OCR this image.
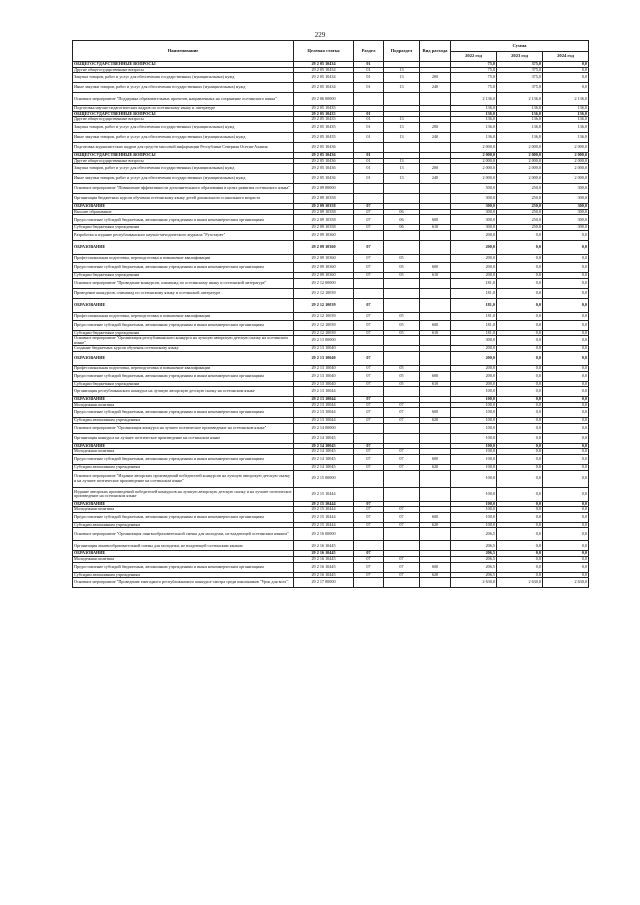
229
Наименование	Целевая статья	Раздел	Подраздел	Вид расхода	Сумма		
					2022 год	2023 год	2024 год
ОБЩЕГОСУДАРСТВЕННЫЕ ВОПРОСЫ	29 2 05 10434	01			75,0	375,0	0,0
Другие общегосударственные вопросы	29 2 05 10434	01	13		75,0	375,0	0,0
Закупка товаров, работ и услуг для обеспечения государственных (муниципальных) нужд	29 2 05 10434	01	13	200	75,0	375,0	0,0
Иные закупки товаров, работ и услуг для обеспечения государственных (муниципальных) нужд	29 2 05 10434	01	13	240	75,0	375,0	0,0
Основное мероприятие "Поддержка образовательных проектов, направленных на сохранение осетинского языка"	29 2 06 00000				2 136,0	2 136,0	2 136,0
Подготовка научно-педагогических кадров по осетинскому языку и литературе	29 2 05 10435				136,0	136,0	136,0
ОБЩЕГОСУДАРСТВЕННЫЕ ВОПРОСЫ	29 2 05 10435	01			136,0	136,0	136,0
Другие общегосударственные вопросы	29 2 05 10435	01	13		136,0	136,0	136,0
Закупка товаров, работ и услуг для обеспечения государственных (муниципальных) нужд	29 2 05 10435	01	13	200	136,0	136,0	136,0
Иные закупки товаров, работ и услуг для обеспечения государственных (муниципальных) нужд	29 2 05 10435	01	13	240	136,0	136,0	136,0
Подготовка журналистских кадров для средств массовой информации Республики Северная Осетия-Алания	29 2 05 10436				2 000,0	2 000,0	2 000,0
ОБЩЕГОСУДАРСТВЕННЫЕ ВОПРОСЫ	29 2 05 10436	01			2 000,0	2 000,0	2 000,0
Другие общегосударственные вопросы	29 2 05 10436	01	13		2 000,0	2 000,0	2 000,0
Закупка товаров, работ и услуг для обеспечения государственных (муниципальных) нужд	29 2 05 10436	01	13	200	2 000,0	2 000,0	2 000,0
Иные закупки товаров, работ и услуг для обеспечения государственных (муниципальных) нужд	29 2 05 10436	01	13	240	2 000,0	2 000,0	2 000,0
Основное мероприятие "Повышение эффективности дополнительного образования в целях развития осетинского языка"	29 2 09 00000				500,0	250,0	300,0
Организация бюджетных курсов обучения осетинскому языку детей дошкольного и школьного возраста	29 2 09 10358				300,0	250,0	300,0
ОБРАЗОВАНИЕ	29 2 09 10358	07			300,0	250,0	300,0
Высшее образование	29 2 09 10358	07	06		300,0	250,0	300,0
Предоставление субсидий бюджетным, автономным учреждениям и иным некоммерческим организациям	29 2 09 10358	07	06	600	300,0	250,0	300,0
Субсидии бюджетным учреждениям	29 2 09 10358	07	06	610	300,0	250,0	300,0
Разработка и издание республиканского научно-методического журнала "Рухстауæг"	29 2 09 10360				200,0	0,0	0,0
ОБРАЗОВАНИЕ	29 2 09 10360	07			200,0	0,0	0,0
Профессиональная подготовка, переподготовка и повышение квалификации	29 2 09 10360	07	05		200,0	0,0	0,0
Предоставление субсидий бюджетным, автономным учреждениям и иным некоммерческим организациям	29 2 09 10360	07	05	600	200,0	0,0	0,0
Субсидии бюджетным учреждениям	29 2 09 10360	07	05	610	200,0	0,0	0,0
Основное мероприятие "Проведение конкурсов, олимпиад по осетинскому языку и осетинской литературе"	29 2 12 00000				181,0	0,0	0,0
Проведение конкурсов, олимпиад по осетинскому языку и осетинской литературе	29 2 12 10039				181,0	0,0	0,0
ОБРАЗОВАНИЕ	29 2 12 10039	07			181,0	0,0	0,0
Профессиональная подготовка, переподготовка и повышение квалификации	29 2 12 10039	07	05		181,0	0,0	0,0
Предоставление субсидий бюджетным, автономным учреждениям и иным некоммерческим организациям	29 2 12 10039	07	05	600	181,0	0,0	0,0
Субсидии бюджетным учреждениям	29 2 12 10039	07	05	610	181,0	0,0	0,0
Основное мероприятие "Организация республиканского конкурса на лучшую авторскую детскую сказку на осетинском языке"	29 2 13 00000				300,0	0,0	0,0
Создание бюджетных курсов обучения осетинскому языку	29 2 13 10040				200,0	0,0	0,0
ОБРАЗОВАНИЕ	29 2 13 10040	07			200,0	0,0	0,0
Профессиональная подготовка, переподготовка и повышение квалификации	29 2 13 10040	07	05		200,0	0,0	0,0
Предоставление субсидий бюджетным, автономным учреждениям и иным некоммерческим организациям	29 2 13 10040	07	05	600	200,0	0,0	0,0
Субсидии бюджетным учреждениям	29 2 13 10040	07	05	610	200,0	0,0	0,0
Организация республиканского конкурса на лучшую авторскую детскую сказку на осетинском языке	29 2 13 10044				100,0	0,0	0,0
ОБРАЗОВАНИЕ	29 2 13 10044	07			100,0	0,0	0,0
Молодежная политика	29 2 13 10044	07	07		100,0	0,0	0,0
Предоставление субсидий бюджетным, автономным учреждениям и иным некоммерческим организациям	29 2 13 10044	07	07	600	100,0	0,0	0,0
Субсидии автономным учреждениям	29 2 13 10044	07	07	620	100,0	0,0	0,0
Основное мероприятие "Организация конкурса на лучшее поэтическое произведение на осетинском языке"	29 2 14 00000				100,0	0,0	0,0
Организация конкурса на лучшее поэтическое произведение на осетинском языке	29 2 14 10045				100,0	0,0	0,0
ОБРАЗОВАНИЕ	29 2 14 10045	07			100,0	0,0	0,0
Молодежная политика	29 2 14 10045	07	07		100,0	0,0	0,0
Предоставление субсидий бюджетным, автономным учреждениям и иным некоммерческим организациям	29 2 14 10045	07	07	600	100,0	0,0	0,0
Субсидии автономным учреждениям	29 2 14 10045	07	07	620	100,0	0,0	0,0
Основное мероприятие "Издание авторских произведений победителей конкурсов на лучшую авторскую детскую сказку и на лучшее поэтическое произведение на осетинском языке"	29 2 15 00000				100,0	0,0	0,0
Издание авторских произведений победителей конкурсов на лучшую авторскую детскую сказку и на лучшее поэтическое произведение на осетинском языке	29 2 15 10444				100,0	0,0	0,0
ОБРАЗОВАНИЕ	29 2 15 10444	07			100,0	0,0	0,0
Молодежная политика	29 2 15 10444	07	07		100,0	0,0	0,0
Предоставление субсидий бюджетным, автономным учреждениям и иным некоммерческим организациям	29 2 15 10444	07	07	600	100,0	0,0	0,0
Субсидии автономным учреждениям	29 2 15 10444	07	07	620	100,0	0,0	0,0
Основное мероприятие "Организация лингвообразовательной смены для молодежи, не владеющей осетинским языком"	29 2 16 00000				206,5	0,0	0,0
Организация лингвообразовательной смены для молодежи, не владеющей осетинским языком	29 2 16 10445				206,5	0,0	0,0
ОБРАЗОВАНИЕ	29 2 16 10445	07			206,5	0,0	0,0
Молодежная политика	29 2 16 10445	07	07		206,5	0,0	0,0
Предоставление субсидий бюджетным, автономным учреждениям и иным некоммерческим организациям	29 2 16 10445	07	07	600	206,5	0,0	0,0
Субсидии автономным учреждениям	29 2 16 10445	07	07	620	206,5	0,0	0,0
Основное мероприятие "Проведение ежегодного республиканского конкурса-смотра среди школьников "Урок для всех"	29 2 17 00000				2 630,0	2 630,0	2 630,0
